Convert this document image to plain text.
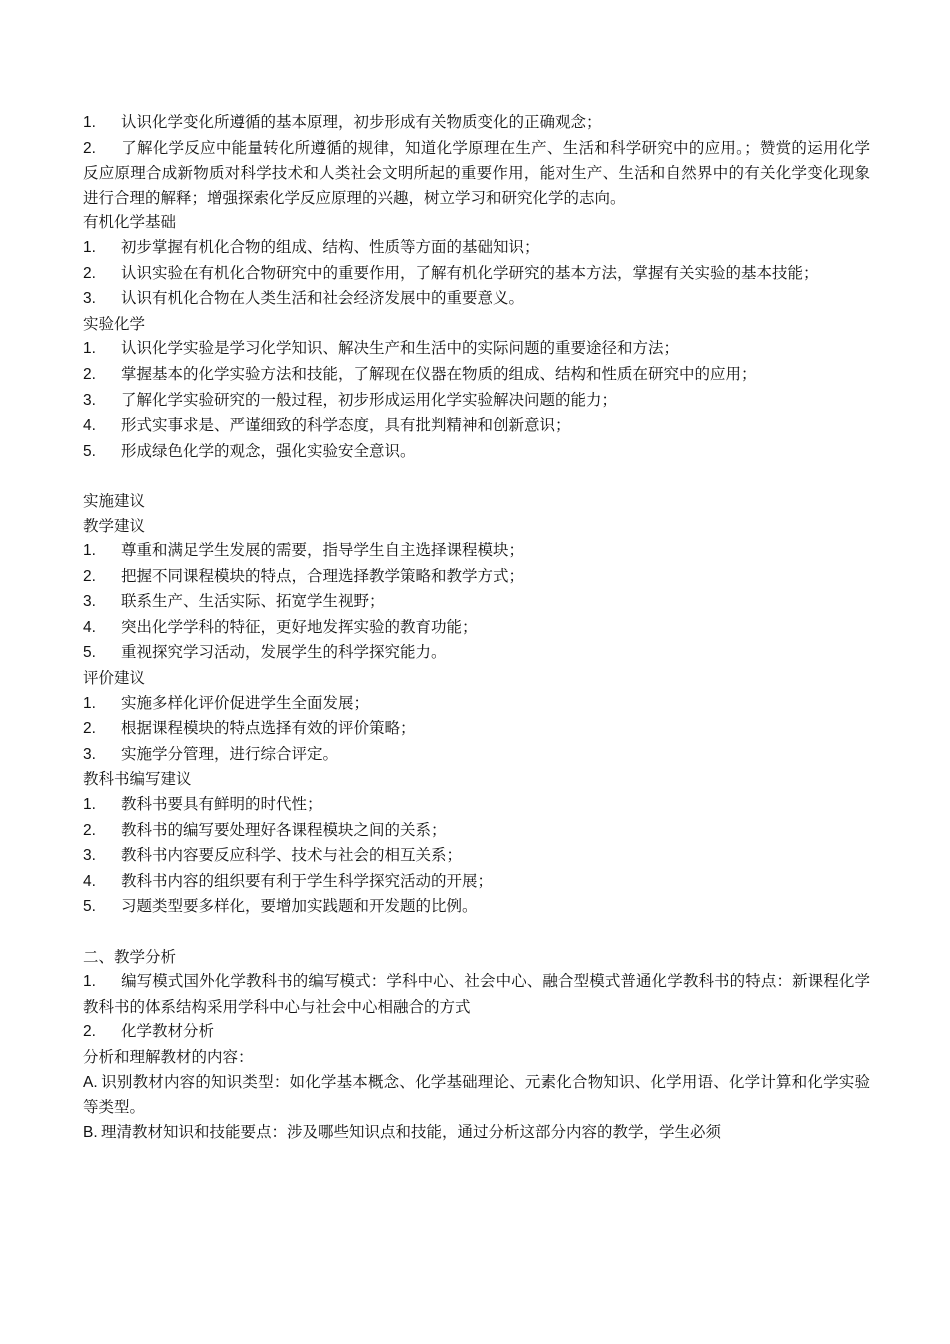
1. 认识化学变化所遵循的基本原理，初步形成有关物质变化的正确观念；
2. 了解化学反应中能量转化所遵循的规律，知道化学原理在生产、生活和科学研究中的应用。；赞赏的运用化学反应原理合成新物质对科学技术和人类社会文明所起的重要作用，能对生产、生活和自然界中的有关化学变化现象进行合理的解释；增强探索化学反应原理的兴趣，树立学习和研究化学的志向。
有机化学基础
1. 初步掌握有机化合物的组成、结构、性质等方面的基础知识；
2. 认识实验在有机化合物研究中的重要作用，了解有机化学研究的基本方法，掌握有关实验的基本技能；
3. 认识有机化合物在人类生活和社会经济发展中的重要意义。
实验化学
1. 认识化学实验是学习化学知识、解决生产和生活中的实际问题的重要途径和方法；
2. 掌握基本的化学实验方法和技能，了解现在仪器在物质的组成、结构和性质在研究中的应用；
3. 了解化学实验研究的一般过程，初步形成运用化学实验解决问题的能力；
4. 形式实事求是、严谨细致的科学态度，具有批判精神和创新意识；
5. 形成绿色化学的观念，强化实验安全意识。
实施建议
教学建议
1. 尊重和满足学生发展的需要，指导学生自主选择课程模块；
2. 把握不同课程模块的特点，合理选择教学策略和教学方式；
3. 联系生产、生活实际、拓宽学生视野；
4. 突出化学学科的特征，更好地发挥实验的教育功能；
5. 重视探究学习活动，发展学生的科学探究能力。
评价建议
1. 实施多样化评价促进学生全面发展；
2. 根据课程模块的特点选择有效的评价策略；
3. 实施学分管理，进行综合评定。
教科书编写建议
1. 教科书要具有鲜明的时代性；
2. 教科书的编写要处理好各课程模块之间的关系；
3. 教科书内容要反应科学、技术与社会的相互关系；
4. 教科书内容的组织要有利于学生科学探究活动的开展；
5. 习题类型要多样化，要增加实践题和开发题的比例。
二、教学分析
1. 编写模式国外化学教科书的编写模式：学科中心、社会中心、融合型模式普通化学教科书的特点：新课程化学教科书的体系结构采用学科中心与社会中心相融合的方式
2. 化学教材分析
分析和理解教材的内容：
A. 识别教材内容的知识类型：如化学基本概念、化学基础理论、元素化合物知识、化学用语、化学计算和化学实验等类型。
B. 理清教材知识和技能要点：涉及哪些知识点和技能，通过分析这部分内容的教学，学生必须
